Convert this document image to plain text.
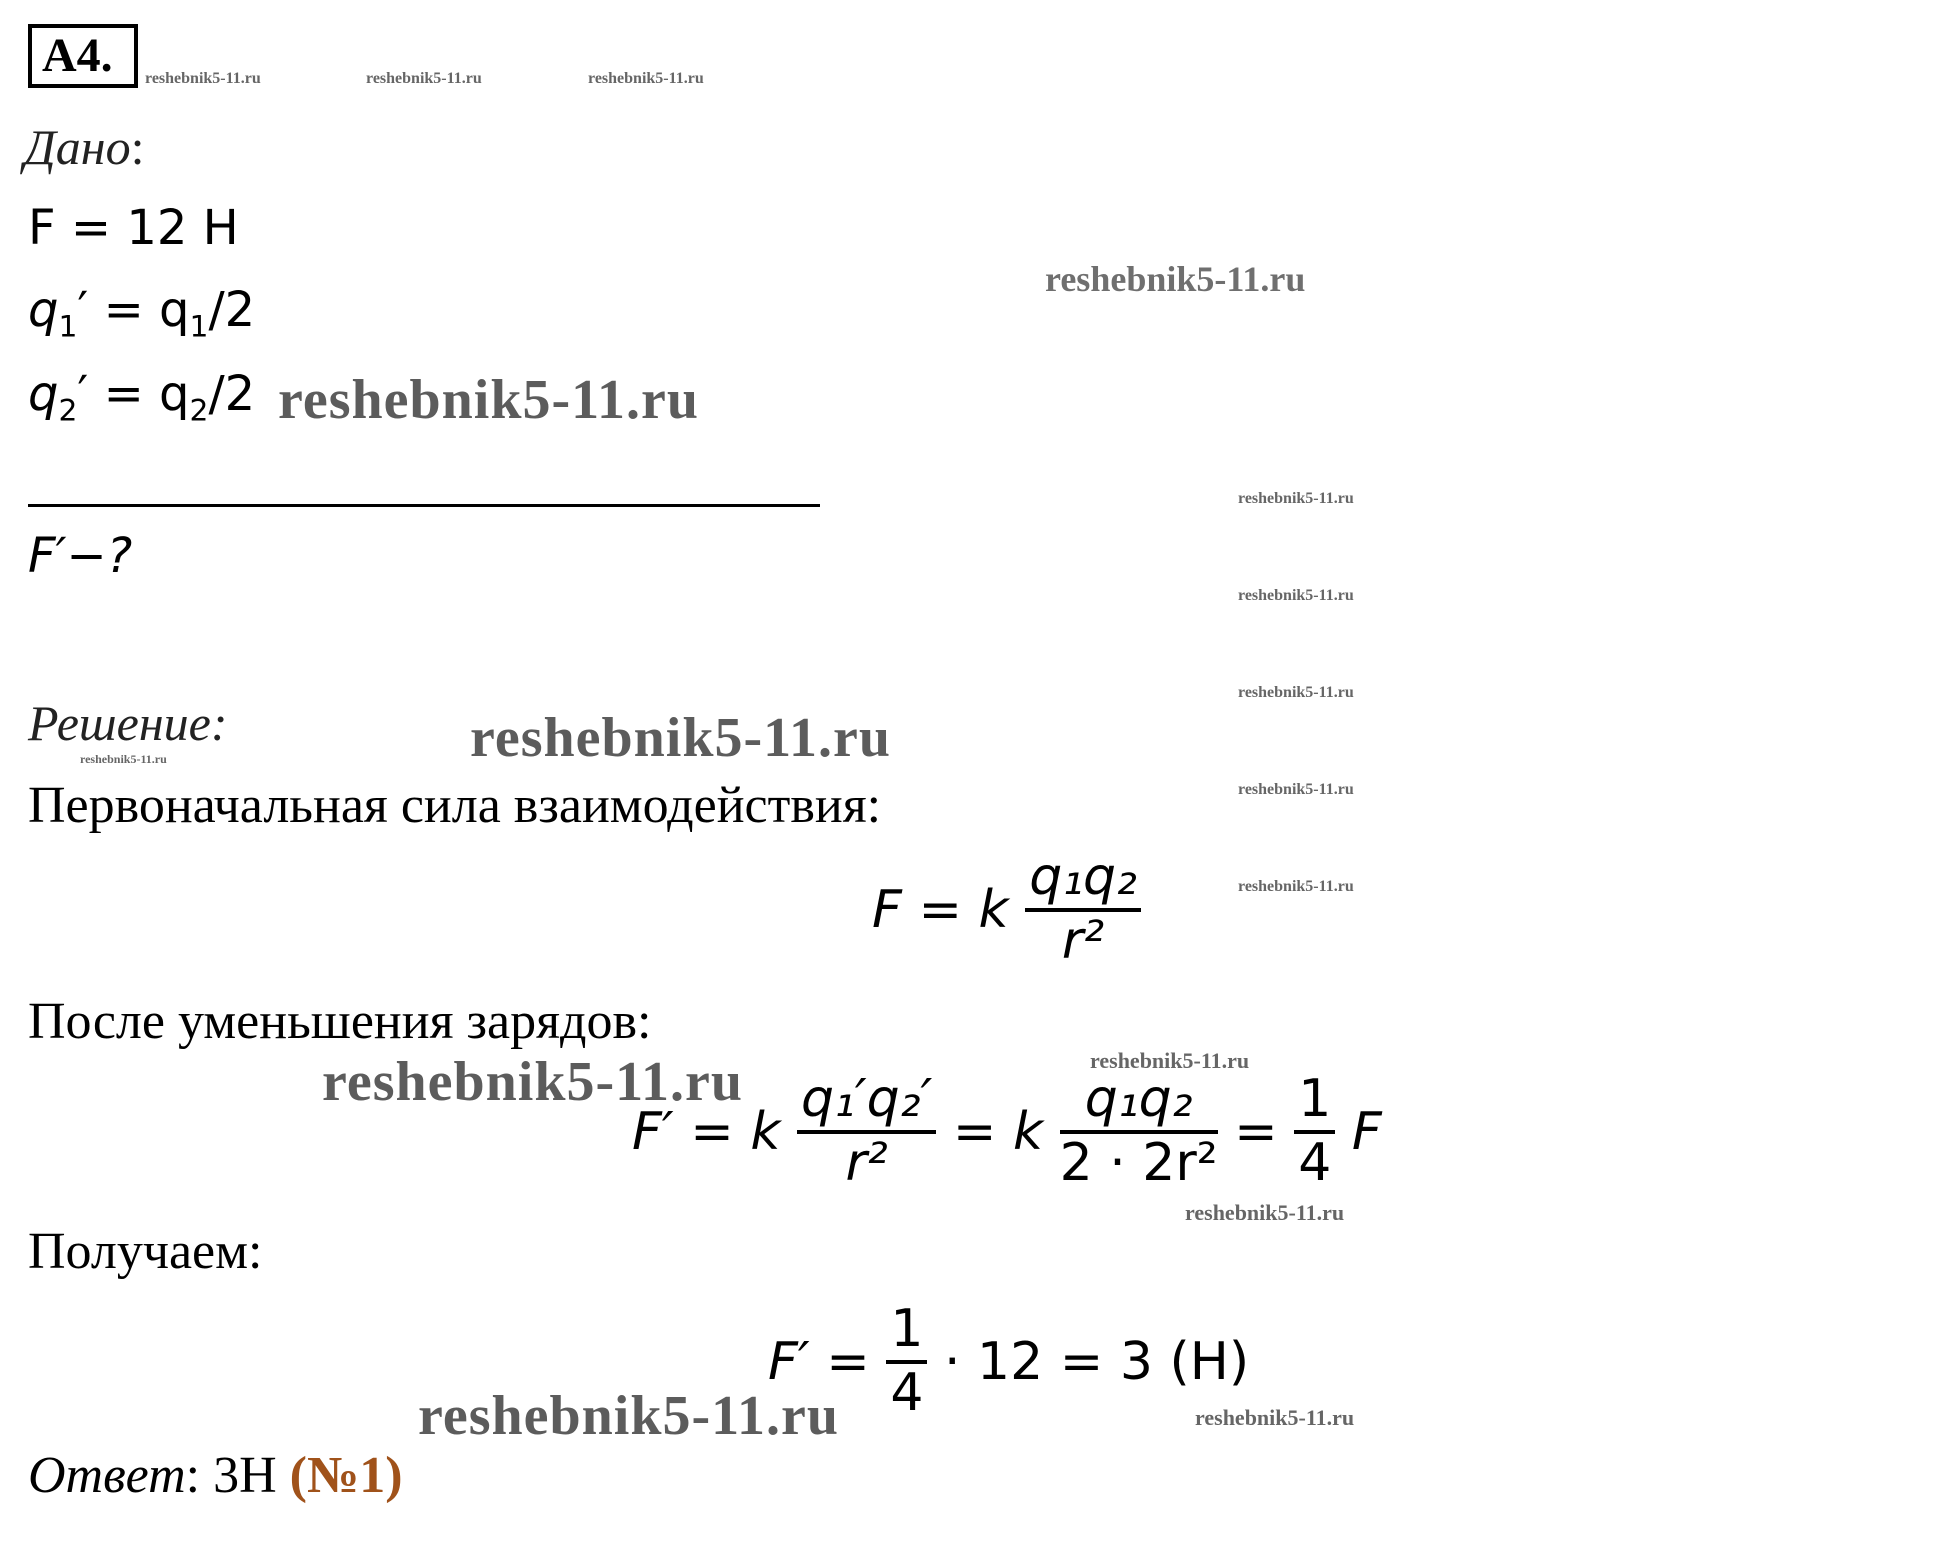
A4.	reshebnik5-11.ru	reshebnik5-11.ru	reshebnik5-11.ru
reshebnik5-11.ru
reshebnik5-11.ru
reshebnik5-11.ru
reshebnik5-11.ru
reshebnik5-11.ru
reshebnik5-11.ru
reshebnik5-11.ru
reshebnik5-11.ru
reshebnik5-11.ru
reshebnik5-11.ru
reshebnik5-11.ru
reshebnik5-11.ru
reshebnik5-11.ru
reshebnik5-11.ru
Дано:
F = 12 Н
$q_1' = q_1/2$
$q_2' = q_2/2$
F′−?
Решение:
Первоначальная сила взаимодействия:
F = k $\frac{\text{q₁q₂}}{\text{r²}}$
После уменьшения зарядов:
F′ = k $\frac{\text{q₁′q₂′}}{\text{r²}} = k \frac{\text{q₁q₂}}{\text{2 · 2r²}} = \frac{1}{4}$ F
Получаем:
$F' = \frac{1}{4} \cdot 12 = 3$ (Н)
Ответ: 3Н (№1)
